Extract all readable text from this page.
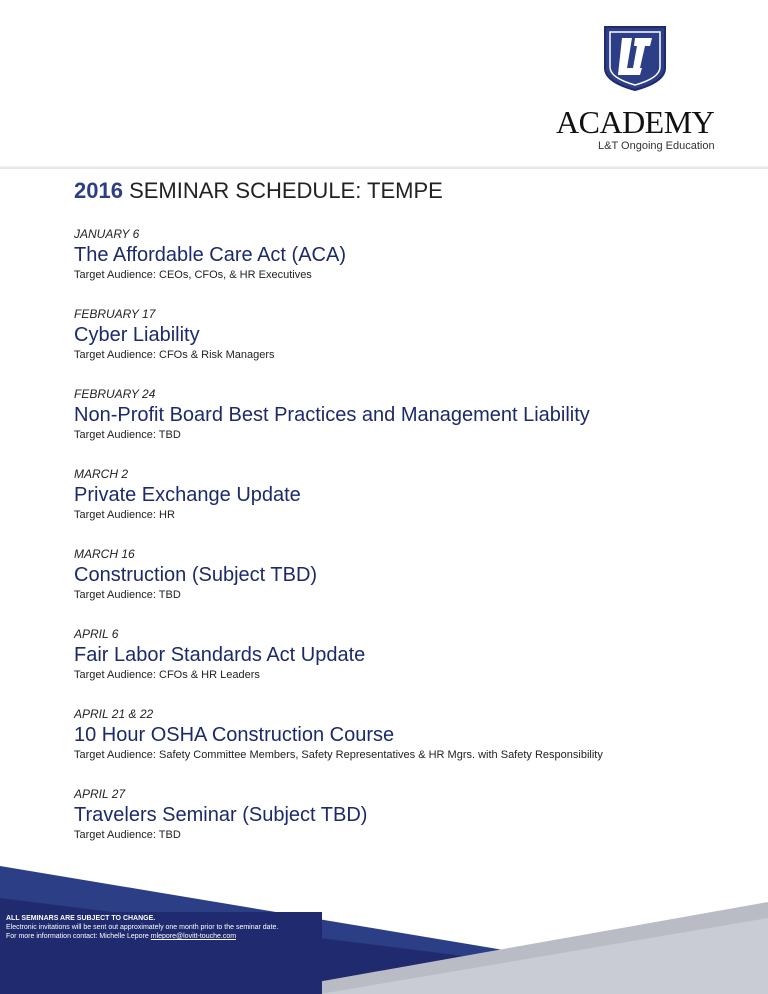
ACADEMY
L&T Ongoing Education
2016 SEMINAR SCHEDULE: TEMPE
JANUARY 6
The Affordable Care Act (ACA)
Target Audience: CEOs, CFOs, & HR Executives
FEBRUARY 17
Cyber Liability
Target Audience: CFOs & Risk Managers
FEBRUARY 24
Non-Profit Board Best Practices and Management Liability
Target Audience: TBD
MARCH 2
Private Exchange Update
Target Audience: HR
MARCH 16
Construction (Subject TBD)
Target Audience: TBD
APRIL 6
Fair Labor Standards Act Update
Target Audience: CFOs & HR Leaders
APRIL 21 & 22
10 Hour OSHA Construction Course
Target Audience: Safety Committee Members, Safety Representatives & HR Mgrs. with Safety Responsibility
APRIL 27
Travelers Seminar (Subject TBD)
Target Audience: TBD
ALL SEMINARS ARE SUBJECT TO CHANGE.
Electronic invitations will be sent out approximately one month prior to the seminar date.
For more information contact: Michelle Lepore mlepore@lovitt-touche.com
